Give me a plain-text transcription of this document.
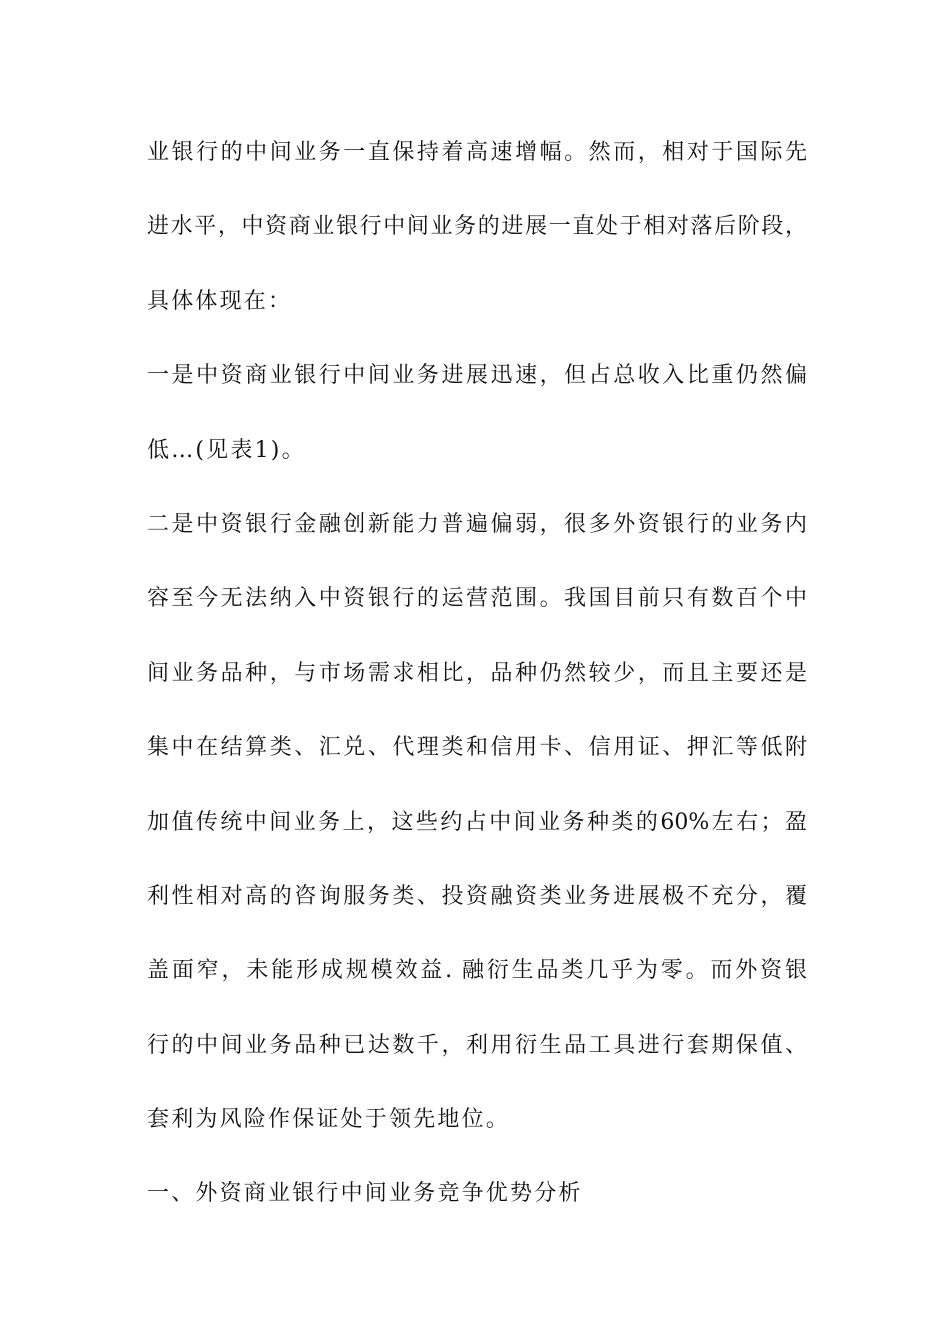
业银行的中间业务一直保持着高速增幅。然而，相对于国际先
进水平，中资商业银行中间业务的进展一直处于相对落后阶段，
具体体现在：
一是中资商业银行中间业务进展迅速，但占总收入比重仍然偏
低…(见表1)。
二是中资银行金融创新能力普遍偏弱，很多外资银行的业务内
容至今无法纳入中资银行的运营范围。我国目前只有数百个中
间业务品种，与市场需求相比，品种仍然较少，而且主要还是
集中在结算类、汇兑、代理类和信用卡、信用证、押汇等低附
加值传统中间业务上，这些约占中间业务种类的60%左右；盈
利性相对高的咨询服务类、投资融资类业务进展极不充分，覆
盖面窄，未能形成规模效益. 融衍生品类几乎为零。而外资银
行的中间业务品种已达数千，利用衍生品工具进行套期保值、
套利为风险作保证处于领先地位。
一、外资商业银行中间业务竞争优势分析
